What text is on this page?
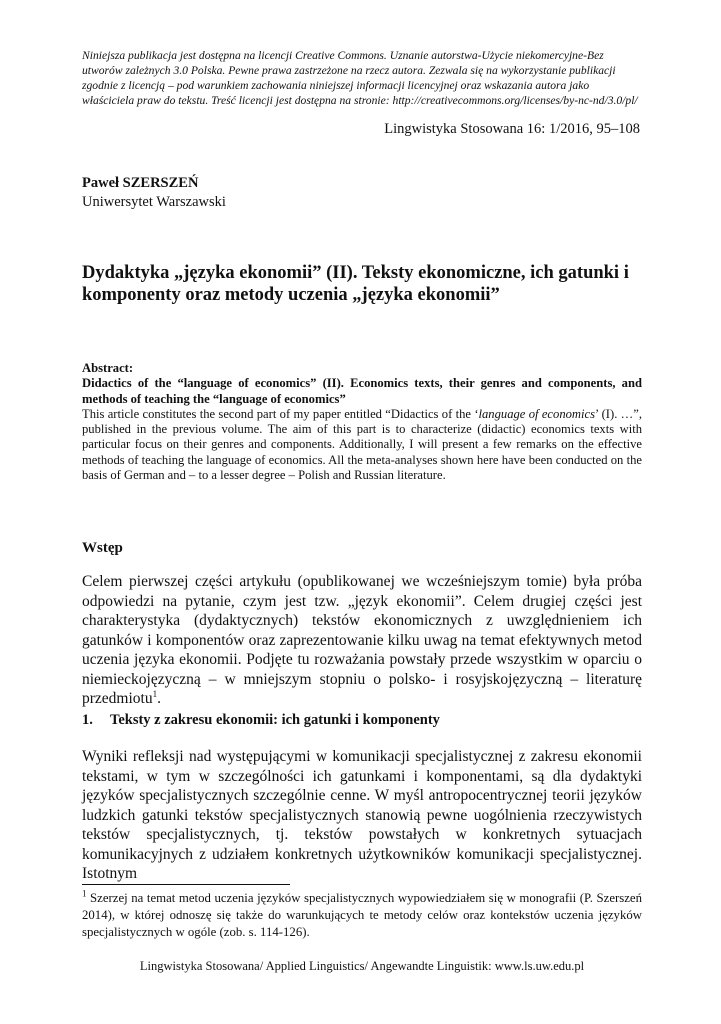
Niniejsza publikacja jest dostępna na licencji Creative Commons. Uznanie autorstwa-Użycie niekomercyjne-Bez utworów zależnych 3.0 Polska. Pewne prawa zastrzeżone na rzecz autora. Zezwala się na wykorzystanie publikacji zgodnie z licencją – pod warunkiem zachowania niniejszej informacji licencyjnej oraz wskazania autora jako właściciela praw do tekstu. Treść licencji jest dostępna na stronie: http://creativecommons.org/licenses/by-nc-nd/3.0/pl/
Lingwistyka Stosowana 16: 1/2016, 95–108
Paweł SZERSZEŃ
Uniwersytet Warszawski
Dydaktyka „języka ekonomii” (II). Teksty ekonomiczne, ich gatunki i komponenty oraz metody uczenia „języka ekonomii”
Abstract:
Didactics of the “language of economics” (II). Economics texts, their genres and components, and methods of teaching the “language of economics”
This article constitutes the second part of my paper entitled “Didactics of the ‘language of economics’ (I). …”, published in the previous volume. The aim of this part is to characterize (didactic) economics texts with particular focus on their genres and components. Additionally, I will present a few remarks on the effective methods of teaching the language of economics. All the meta-analyses shown here have been conducted on the basis of German and – to a lesser degree – Polish and Russian literature.
Wstęp
Celem pierwszej części artykułu (opublikowanej we wcześniejszym tomie) była próba odpowiedzi na pytanie, czym jest tzw. „język ekonomii”. Celem drugiej części jest charakterystyka (dydaktycznych) tekstów ekonomicznych z uwzględnieniem ich gatunków i komponentów oraz zaprezentowanie kilku uwag na temat efektywnych metod uczenia języka ekonomii. Podjęte tu rozważania powstały przede wszystkim w oparciu o niemieckojęzyczną – w mniejszym stopniu o polsko- i rosyjskojęzyczną – literaturę przedmiotu$^1$.
1. Teksty z zakresu ekonomii: ich gatunki i komponenty
Wyniki refleksji nad występującymi w komunikacji specjalistycznej z zakresu ekonomii tekstami, w tym w szczególności ich gatunkami i komponentami, są dla dydaktyki języków specjalistycznych szczególnie cenne. W myśl antropocentrycznej teorii języków ludzkich gatunki tekstów specjalistycznych stanowią pewne uogólnienia rzeczywistych tekstów specjalistycznych, tj. tekstów powstałych w konkretnych sytuacjach komunikacyjnych z udziałem konkretnych użytkowników komunikacji specjalistycznej. Istotnym
$^1$ Szerzej na temat metod uczenia języków specjalistycznych wypowiedziałem się w monografii (P. Szerszeń 2014), w której odnoszę się także do warunkujących te metody celów oraz kontekstów uczenia języków specjalistycznych w ogóle (zob. s. 114-126).
Lingwistyka Stosowana/ Applied Linguistics/ Angewandte Linguistik: www.ls.uw.edu.pl
